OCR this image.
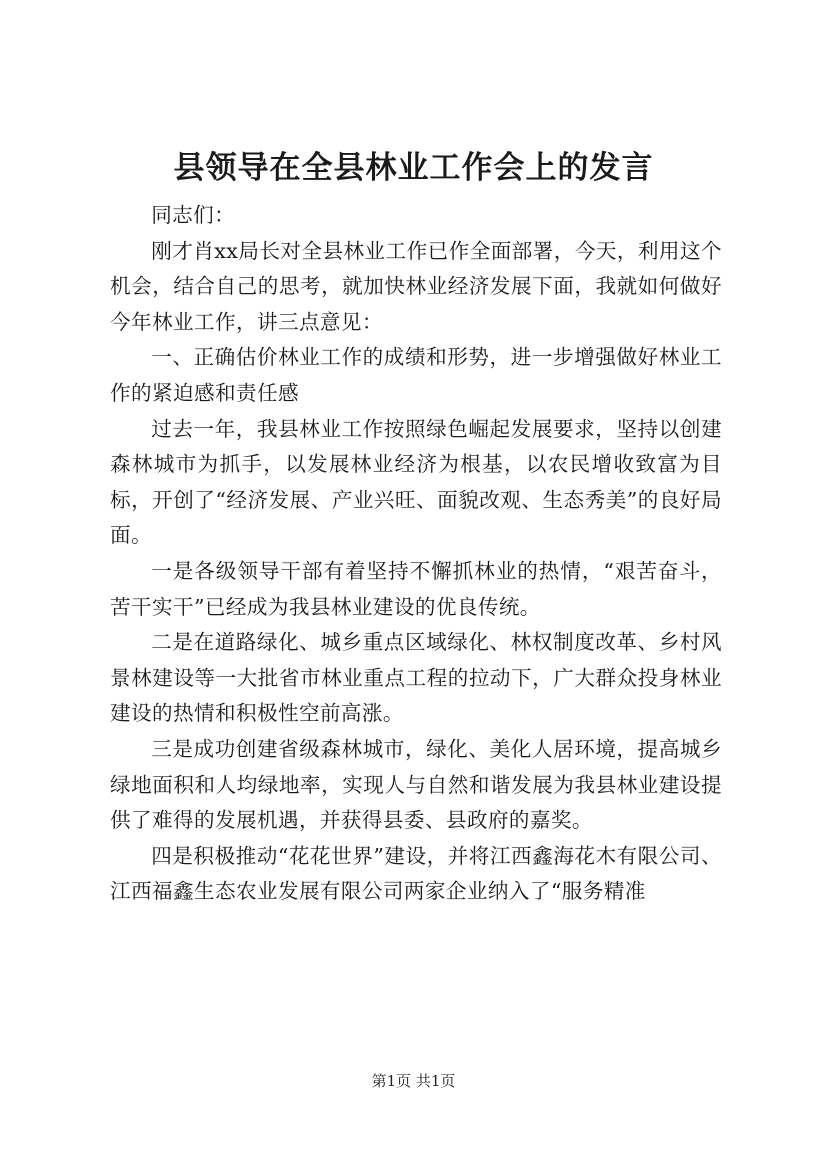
县领导在全县林业工作会上的发言

同志们：

刚才肖xx局长对全县林业工作已作全面部署，今天，利用这个机会，结合自己的思考，就加快林业经济发展下面，我就如何做好今年林业工作，讲三点意见：

一、正确估价林业工作的成绩和形势，进一步增强做好林业工作的紧迫感和责任感

过去一年，我县林业工作按照绿色崛起发展要求，坚持以创建森林城市为抓手，以发展林业经济为根基，以农民增收致富为目标，开创了“经济发展、产业兴旺、面貌改观、生态秀美”的良好局面。

一是各级领导干部有着坚持不懈抓林业的热情，“艰苦奋斗，苦干实干”已经成为我县林业建设的优良传统。

二是在道路绿化、城乡重点区域绿化、林权制度改革、乡村风景林建设等一大批省市林业重点工程的拉动下，广大群众投身林业建设的热情和积极性空前高涨。

三是成功创建省级森林城市，绿化、美化人居环境，提高城乡绿地面积和人均绿地率，实现人与自然和谐发展为我县林业建设提供了难得的发展机遇，并获得县委、县政府的嘉奖。

四是积极推动“花花世界”建设，并将江西鑫海花木有限公司、江西福鑫生态农业发展有限公司两家企业纳入了“服务精准

第1页 共1页
